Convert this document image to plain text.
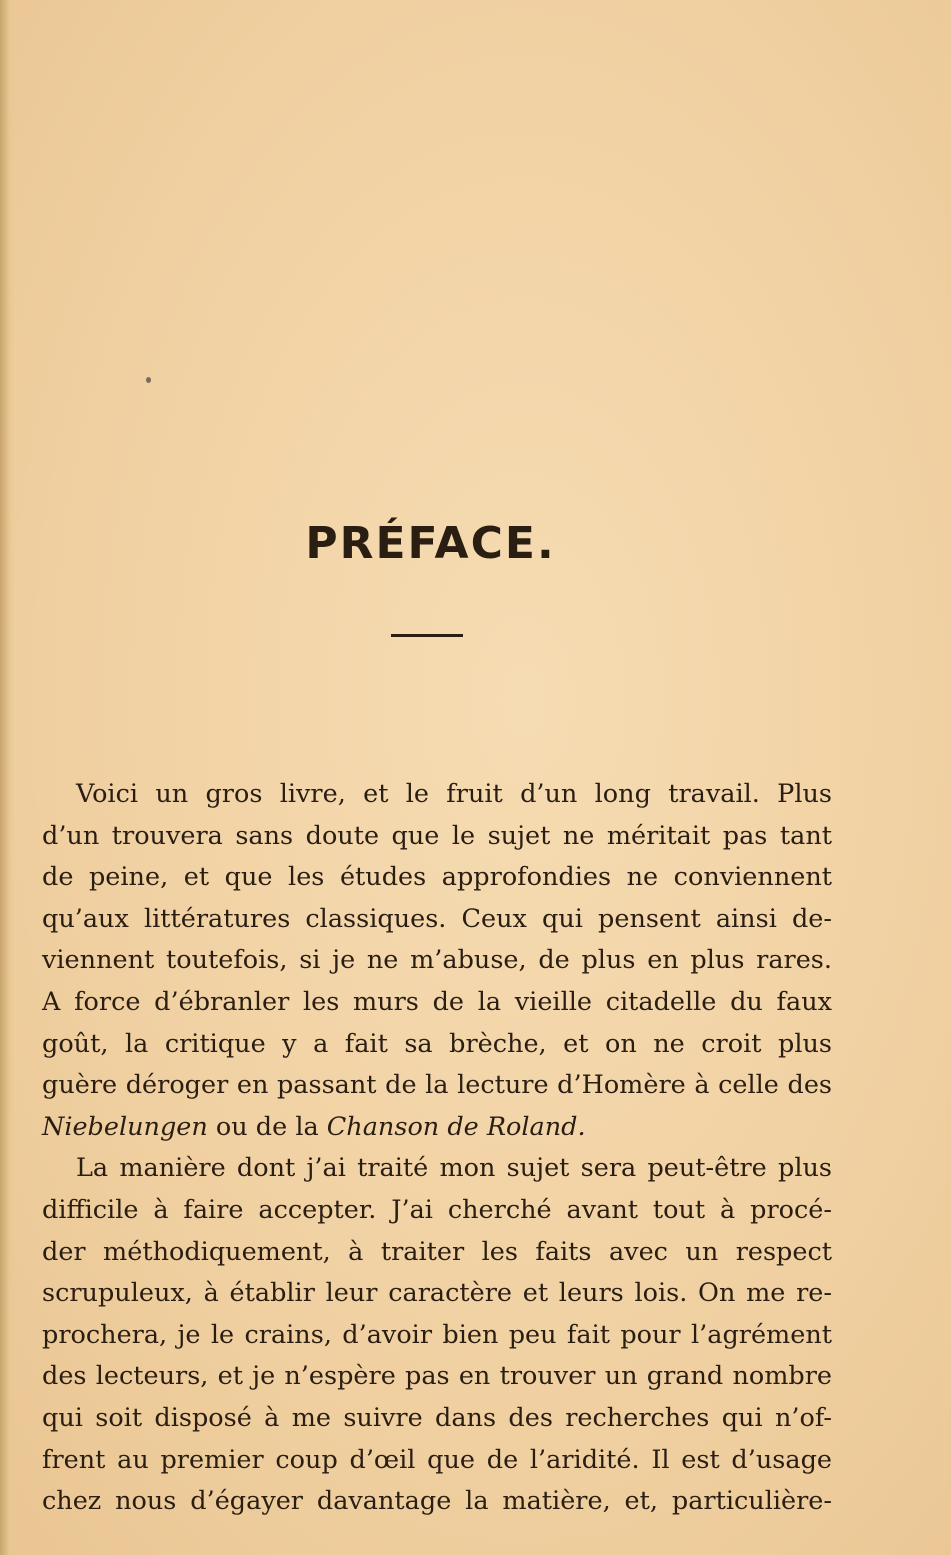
PRÉFACE.
Voici un gros livre, et le fruit d’un long travail. Plus
d’un trouvera sans doute que le sujet ne méritait pas tant
de peine, et que les études approfondies ne conviennent
qu’aux littératures classiques. Ceux qui pensent ainsi de-
viennent toutefois, si je ne m’abuse, de plus en plus rares.
A force d’ébranler les murs de la vieille citadelle du faux
goût, la critique y a fait sa brèche, et on ne croit plus
guère déroger en passant de la lecture d’Homère à celle des
Niebelungen ou de la Chanson de Roland.
La manière dont j’ai traité mon sujet sera peut-être plus
difficile à faire accepter. J’ai cherché avant tout à procé-
der méthodiquement, à traiter les faits avec un respect
scrupuleux, à établir leur caractère et leurs lois. On me re-
prochera, je le crains, d’avoir bien peu fait pour l’agrément
des lecteurs, et je n’espère pas en trouver un grand nombre
qui soit disposé à me suivre dans des recherches qui n’of-
frent au premier coup d’œil que de l’aridité. Il est d’usage
chez nous d’égayer davantage la matière, et, particulière-
